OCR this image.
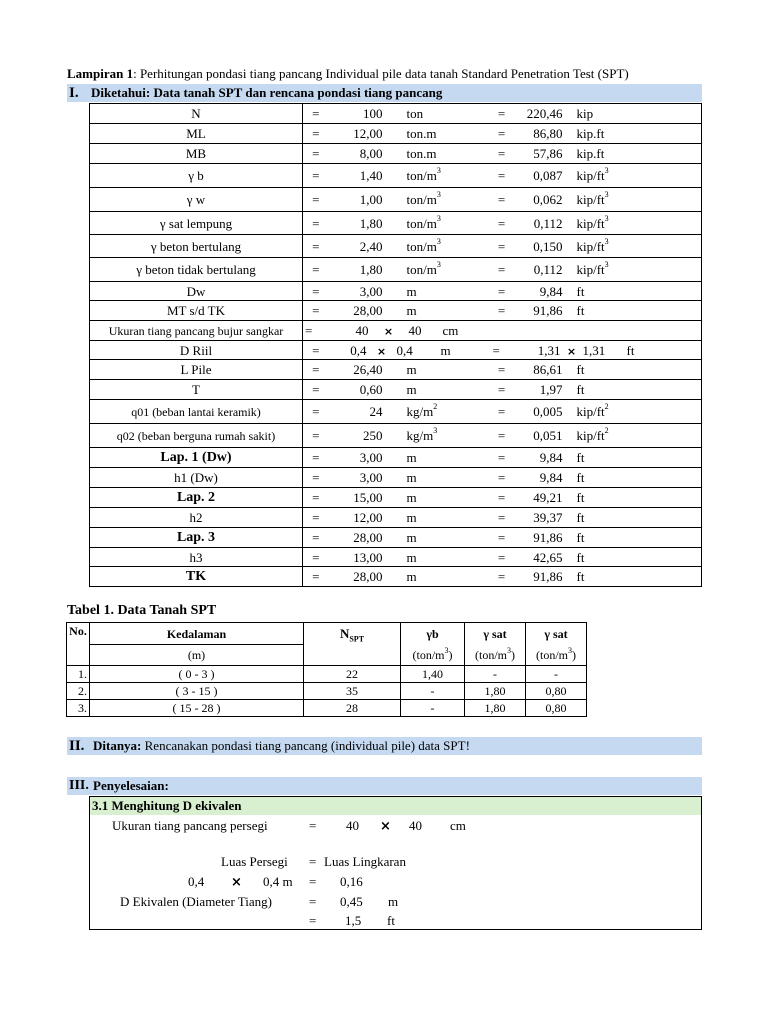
Lampiran 1: Perhitungan pondasi tiang pancang Individual pile data tanah Standard Penetration Test (SPT)
I. Diketahui: Data tanah SPT dan rencana pondasi tiang pancang
N	=	100	ton	=	220,46	kip
ML	=	12,00	ton.m	=	86,80	kip.ft
MB	=	8,00	ton.m	=	57,86	kip.ft
γ b	=	1,40	ton/$m^3$	=	0,087	kip/$ft^3$
γ w	=	1,00	ton/$m^3$	=	0,062	kip/$ft^3$
γ sat lempung	=	1,80	ton/$m^3$	=	0,112	kip/$ft^3$
γ beton bertulang	=	2,40	ton/$m^3$	=	0,150	kip/$ft^3$
γ beton tidak bertulang	=	1,80	ton/$m^3$	=	0,112	kip/$ft^3$
Dw	=	3,00	m	=	9,84	ft
MT s/d TK	=	28,00	m	=	91,86	ft
Ukuran tiang pancang bujur sangkar	=	40 × 40 cm				
D Riil	=	0,4 × 0,4 m = 1,31 × 1,31 ft				
L Pile	=	26,40	m	=	86,61	ft
T	=	0,60	m	=	1,97	ft
q01 (beban lantai keramik)	=	24	$kg/m^2$	=	0,005	kip/$ft^2$
q02 (beban berguna rumah sakit)	=	250	$kg/m^3$	=	0,051	kip/$ft^2$
Lap. 1 (Dw)	=	3,00	m	=	9,84	ft
h1 (Dw)	=	3,00	m	=	9,84	ft
Lap. 2	=	15,00	m	=	49,21	ft
h2	=	12,00	m	=	39,37	ft
Lap. 3	=	28,00	m	=	91,86	ft
h3	=	13,00	m	=	42,65	ft
TK	=	28,00	m	=	91,86	ft
Tabel 1. Data Tanah SPT
No.	Kedalaman	$N_{SPT}$	γb	γ sat	γ sat
	(m)		$(ton/m^3)$	$(ton/m^3)$	$(ton/m^3)$
1.	( 0 - 3 )	22	1,40	-	-
2.	( 3 - 15 )	35	-	1,80	0,80
3.	( 15 - 28 )	28	-	1,80	0,80
II. Ditanya: Rencanakan pondasi tiang pancang (individual pile) data SPT!
III. Penyelesaian:
3.1 Menghitung D ekivalen
Ukuran tiang pancang persegi	= 40 × 40 cm
Luas Persegi = Luas Lingkaran
0,4 × 0,4 m = 0,16
D Ekivalen (Diameter Tiang)	= 0,45 m
= 1,5 ft
